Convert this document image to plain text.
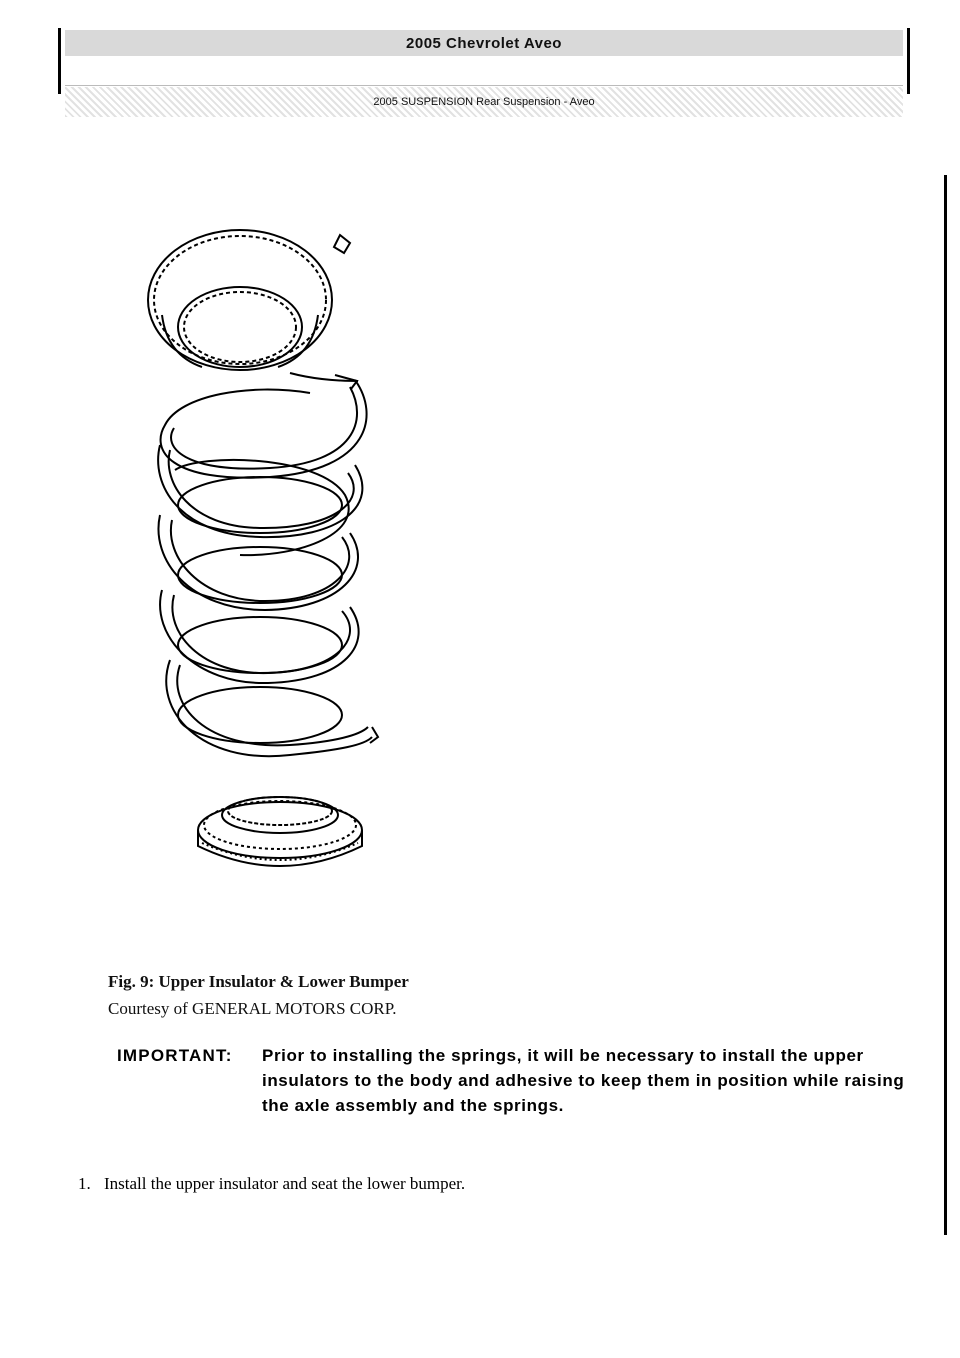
2005 Chevrolet Aveo
2005 SUSPENSION Rear Suspension - Aveo
Fig. 9: Upper Insulator & Lower Bumper
Courtesy of GENERAL MOTORS CORP.
IMPORTANT:	Prior to installing the springs, it will be necessary to install the upper insulators to the body and adhesive to keep them in position while raising the axle assembly and the springs.
1. Install the upper insulator and seat the lower bumper.
